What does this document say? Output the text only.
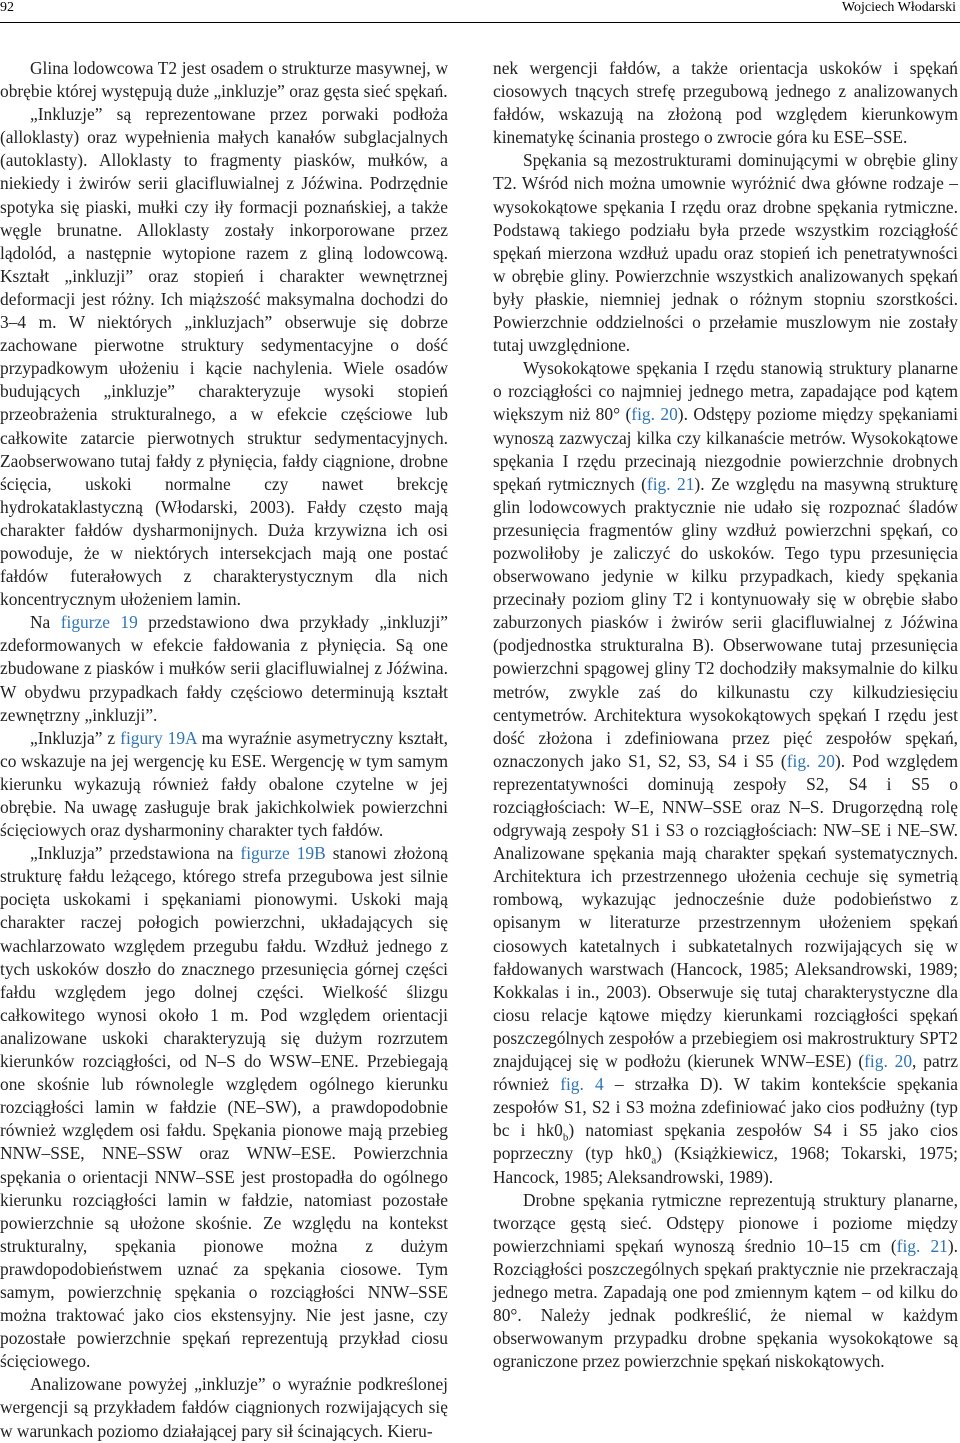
92	Wojciech Włodarski

Glina lodowcowa T2 jest osadem o strukturze masywnej, w obrębie której występują duże „inkluzje” oraz gęsta sieć spękań.

„Inkluzje” są reprezentowane przez porwaki podłoża (alloklasty) oraz wypełnienia małych kanałów subglacjalnych (autoklasty). Alloklasty to fragmenty piasków, mułków, a niekiedy i żwirów serii glacifluwialnej z Jóźwina. Podrzędnie spotyka się piaski, mułki czy iły formacji poznańskiej, a także węgle brunatne. Alloklasty zostały inkorporowane przez lądolód, a następnie wytopione razem z gliną lodowcową. Kształt „inkluzji” oraz stopień i charakter wewnętrznej deformacji jest różny. Ich miąższość maksymalna dochodzi do 3–4 m. W niektórych „inkluzjach” obserwuje się dobrze zachowane pierwotne struktury sedymentacyjne o dość przypadkowym ułożeniu i kącie nachylenia. Wiele osadów budujących „inkluzje” charakteryzuje wysoki stopień przeobrażenia strukturalnego, a w efekcie częściowe lub całkowite zatarcie pierwotnych struktur sedymentacyjnych. Zaobserwowano tutaj fałdy z płynięcia, fałdy ciągnione, drobne ścięcia, uskoki normalne czy nawet brekcję hydrokataklastyczną (Włodarski, 2003). Fałdy często mają charakter fałdów dysharmonijnych. Duża krzywizna ich osi powoduje, że w niektórych intersekcjach mają one postać fałdów futerałowych z charakterystycznym dla nich koncentrycznym ułożeniem lamin.

Na figurze 19 przedstawiono dwa przykłady „inkluzji” zdeformowanych w efekcie fałdowania z płynięcia. Są one zbudowane z piasków i mułków serii glacifluwialnej z Jóźwina. W obydwu przypadkach fałdy częściowo determinują kształt zewnętrzny „inkluzji”.

„Inkluzja” z figury 19A ma wyraźnie asymetryczny kształt, co wskazuje na jej wergencję ku ESE. Wergencję w tym samym kierunku wykazują również fałdy obalone czytelne w jej obrębie. Na uwagę zasługuje brak jakichkolwiek powierzchni ścięciowych oraz dysharmoniny charakter tych fałdów.

„Inkluzja” przedstawiona na figurze 19B stanowi złożoną strukturę fałdu leżącego, którego strefa przegubowa jest silnie pocięta uskokami i spękaniami pionowymi. Uskoki mają charakter raczej połogich powierzchni, układających się wachlarzowato względem przegubu fałdu. Wzdłuż jednego z tych uskoków doszło do znacznego przesunięcia górnej części fałdu względem jego dolnej części. Wielkość ślizgu całkowitego wynosi około 1 m. Pod względem orientacji analizowane uskoki charakteryzują się dużym rozrzutem kierunków rozciągłości, od N–S do WSW–ENE. Przebiegają one skośnie lub równolegle względem ogólnego kierunku rozciągłości lamin w fałdzie (NE–SW), a prawdopodobnie również względem osi fałdu. Spękania pionowe mają przebieg NNW–SSE, NNE–SSW oraz WNW–ESE. Powierzchnia spękania o orientacji NNW–SSE jest prostopadła do ogólnego kierunku rozciągłości lamin w fałdzie, natomiast pozostałe powierzchnie są ułożone skośnie. Ze względu na kontekst strukturalny, spękania pionowe można z dużym prawdopodobieństwem uznać za spękania ciosowe. Tym samym, powierzchnię spękania o rozciągłości NNW–SSE można traktować jako cios ekstensyjny. Nie jest jasne, czy pozostałe powierzchnie spękań reprezentują przykład ciosu ścięciowego.

Analizowane powyżej „inkluzje” o wyraźnie podkreślonej wergencji są przykładem fałdów ciągnionych rozwijających się w warunkach poziomo działającej pary sił ścinających. Kieru-

nek wergencji fałdów, a także orientacja uskoków i spękań ciosowych tnących strefę przegubową jednego z analizowanych fałdów, wskazują na złożoną pod względem kierunkowym kinematykę ścinania prostego o zwrocie góra ku ESE–SSE.

Spękania są mezostrukturami dominującymi w obrębie gliny T2. Wśród nich można umownie wyróżnić dwa główne rodzaje – wysokokątowe spękania I rzędu oraz drobne spękania rytmiczne. Podstawą takiego podziału była przede wszystkim rozciągłość spękań mierzona wzdłuż upadu oraz stopień ich penetratywności w obrębie gliny. Powierzchnie wszystkich analizowanych spękań były płaskie, niemniej jednak o różnym stopniu szorstkości. Powierzchnie oddzielności o przełamie muszlowym nie zostały tutaj uwzględnione.

Wysokokątowe spękania I rzędu stanowią struktury planarne o rozciągłości co najmniej jednego metra, zapadające pod kątem większym niż 80° (fig. 20). Odstępy poziome między spękaniami wynoszą zazwyczaj kilka czy kilkanaście metrów. Wysokokątowe spękania I rzędu przecinają niezgodnie powierzchnie drobnych spękań rytmicznych (fig. 21). Ze względu na masywną strukturę glin lodowcowych praktycznie nie udało się rozpoznać śladów przesunięcia fragmentów gliny wzdłuż powierzchni spękań, co pozwoliłoby je zaliczyć do uskoków. Tego typu przesunięcia obserwowano jedynie w kilku przypadkach, kiedy spękania przecinały poziom gliny T2 i kontynuowały się w obrębie słabo zaburzonych piasków i żwirów serii glacifluwialnej z Jóźwina (podjednostka strukturalna B). Obserwowane tutaj przesunięcia powierzchni spągowej gliny T2 dochodziły maksymalnie do kilku metrów, zwykle zaś do kilkunastu czy kilkudziesięciu centymetrów. Architektura wysokokątowych spękań I rzędu jest dość złożona i zdefiniowana przez pięć zespołów spękań, oznaczonych jako S1, S2, S3, S4 i S5 (fig. 20). Pod względem reprezentatywności dominują zespoły S2, S4 i S5 o rozciągłościach: W–E, NNW–SSE oraz N–S. Drugorzędną rolę odgrywają zespoły S1 i S3 o rozciągłościach: NW–SE i NE–SW. Analizowane spękania mają charakter spękań systematycznych. Architektura ich przestrzennego ułożenia cechuje się symetrią rombową, wykazując jednocześnie duże podobieństwo z opisanym w literaturze przestrzennym ułożeniem spękań ciosowych katetalnych i subkatetalnych rozwijających się w fałdowanych warstwach (Hancock, 1985; Aleksandrowski, 1989; Kokkalas i in., 2003). Obserwuje się tutaj charakterystyczne dla ciosu relacje kątowe między kierunkami rozciągłości spękań poszczególnych zespołów a przebiegiem osi makrostruktury SPT2 znajdującej się w podłożu (kierunek WNW–ESE) (fig. 20, patrz również fig. 4 – strzałka D). W takim kontekście spękania zespołów S1, S2 i S3 można zdefiniować jako cios podłużny (typ bc i $hk0_b$) natomiast spękania zespołów S4 i S5 jako cios poprzeczny (typ $hk0_a$) (Książkiewicz, 1968; Tokarski, 1975; Hancock, 1985; Aleksandrowski, 1989).

Drobne spękania rytmiczne reprezentują struktury planarne, tworzące gęstą sieć. Odstępy pionowe i poziome między powierzchniami spękań wynoszą średnio 10–15 cm (fig. 21). Rozciągłości poszczególnych spękań praktycznie nie przekraczają jednego metra. Zapadają one pod zmiennym kątem – od kilku do 80°. Należy jednak podkreślić, że niemal w każdym obserwowanym przypadku drobne spękania wysokokątowe są ograniczone przez powierzchnie spękań niskokątowych.
